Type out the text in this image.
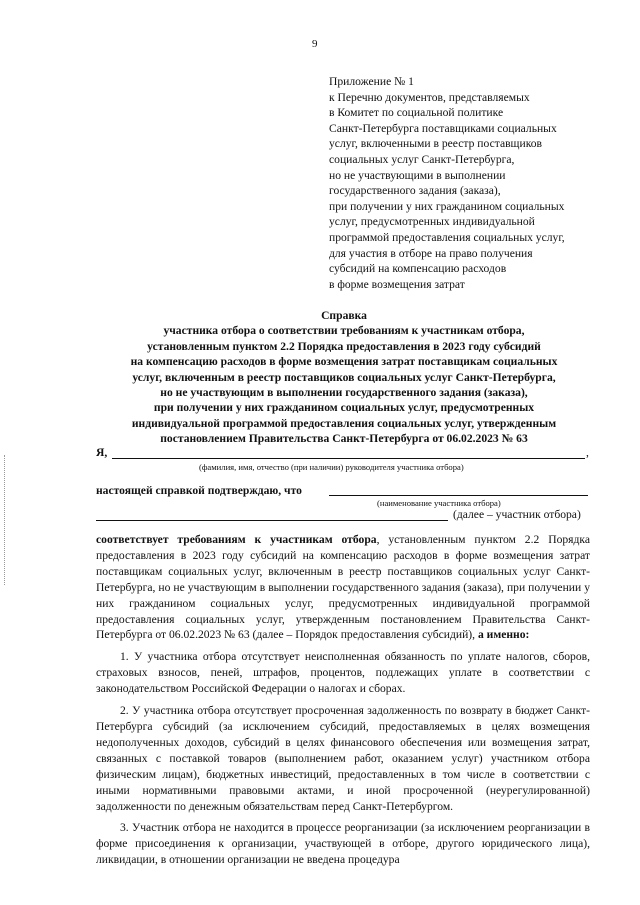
9
Приложение № 1
к Перечню документов, представляемых
в Комитет по социальной политике
Санкт-Петербурга поставщиками социальных
услуг, включенными в реестр поставщиков
социальных услуг Санкт-Петербурга,
но не участвующими в выполнении
государственного задания (заказа),
при получении у них гражданином социальных
услуг, предусмотренных индивидуальной
программой предоставления социальных услуг,
для участия в отборе на право получения
субсидий на компенсацию расходов
в форме возмещения затрат
Справка
участника отбора о соответствии требованиям к участникам отбора,
установленным пунктом 2.2 Порядка предоставления в 2023 году субсидий
на компенсацию расходов в форме возмещения затрат поставщикам социальных
услуг, включенным в реестр поставщиков социальных услуг Санкт-Петербурга,
но не участвующим в выполнении государственного задания (заказа),
при получении у них гражданином социальных услуг, предусмотренных
индивидуальной программой предоставления социальных услуг, утвержденным
постановлением Правительства Санкт-Петербурга от 06.02.2023 № 63
Я,	,
(фамилия, имя, отчество (при наличии) руководителя участника отбора)
настоящей справкой подтверждаю, что
(наименование участника отбора)
(далее – участник отбора)
соответствует требованиям к участникам отбора, установленным пунктом 2.2 Порядка предоставления в 2023 году субсидий на компенсацию расходов в форме возмещения затрат поставщикам социальных услуг, включенным в реестр поставщиков социальных услуг Санкт-Петербурга, но не участвующим в выполнении государственного задания (заказа), при получении у них гражданином социальных услуг, предусмотренных индивидуальной программой предоставления социальных услуг, утвержденным постановлением Правительства Санкт-Петербурга от 06.02.2023 № 63 (далее – Порядок предоставления субсидий), а именно:
1. У участника отбора отсутствует неисполненная обязанность по уплате налогов, сборов, страховых взносов, пеней, штрафов, процентов, подлежащих уплате в соответствии с законодательством Российской Федерации о налогах и сборах.
2. У участника отбора отсутствует просроченная задолженность по возврату в бюджет Санкт-Петербурга субсидий (за исключением субсидий, предоставляемых в целях возмещения недополученных доходов, субсидий в целях финансового обеспечения или возмещения затрат, связанных с поставкой товаров (выполнением работ, оказанием услуг) участником отбора физическим лицам), бюджетных инвестиций, предоставленных в том числе в соответствии с иными нормативными правовыми актами, и иной просроченной (неурегулированной) задолженности по денежным обязательствам перед Санкт-Петербургом.
3. Участник отбора не находится в процессе реорганизации (за исключением реорганизации в форме присоединения к организации, участвующей в отборе, другого юридического лица), ликвидации, в отношении организации не введена процедура
